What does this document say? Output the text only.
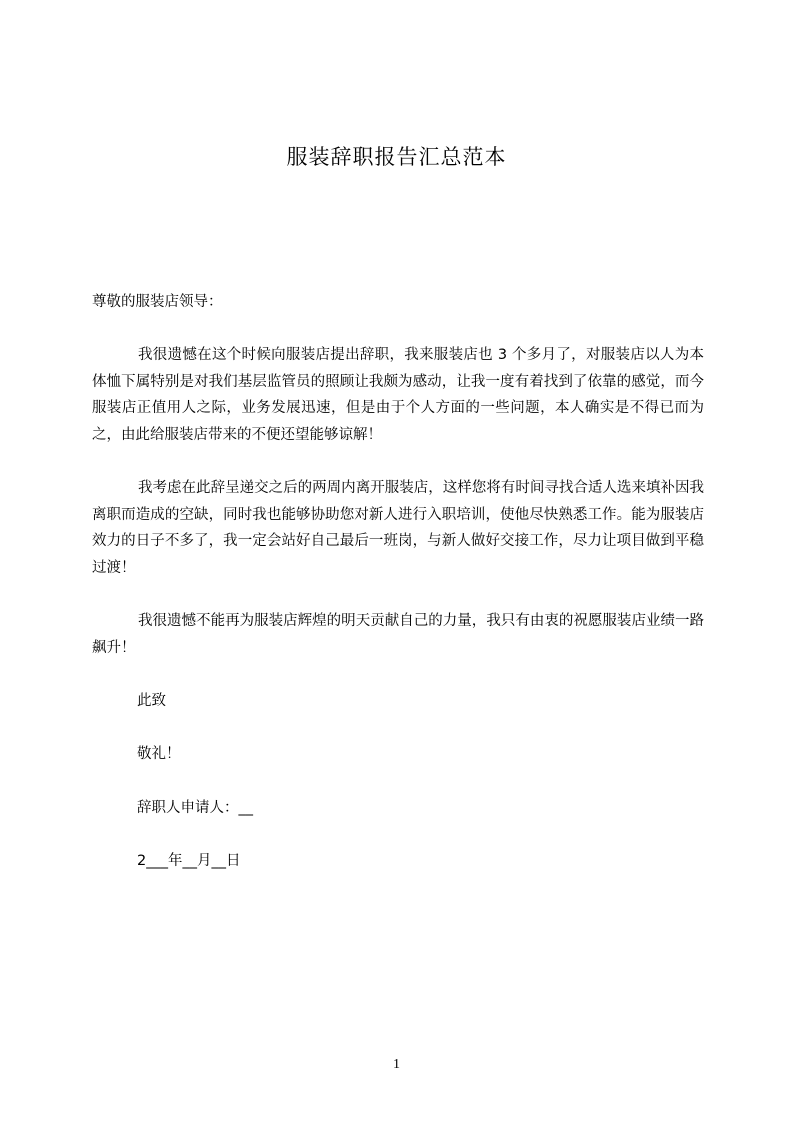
服装辞职报告汇总范本
尊敬的服装店领导：
我很遗憾在这个时候向服装店提出辞职，我来服装店也 3 个多月了，对服装店以人为本体恤下属特别是对我们基层监管员的照顾让我颇为感动，让我一度有着找到了依靠的感觉，而今服装店正值用人之际，业务发展迅速，但是由于个人方面的一些问题，本人确实是不得已而为之，由此给服装店带来的不便还望能够谅解！
我考虑在此辞呈递交之后的两周内离开服装店，这样您将有时间寻找合适人选来填补因我离职而造成的空缺，同时我也能够协助您对新人进行入职培训，使他尽快熟悉工作。能为服装店效力的日子不多了，我一定会站好自己最后一班岗，与新人做好交接工作，尽力让项目做到平稳过渡！
我很遗憾不能再为服装店辉煌的明天贡献自己的力量，我只有由衷的祝愿服装店业绩一路飙升！
此致
敬礼！
辞职人申请人：__
2___年__月__日
1
